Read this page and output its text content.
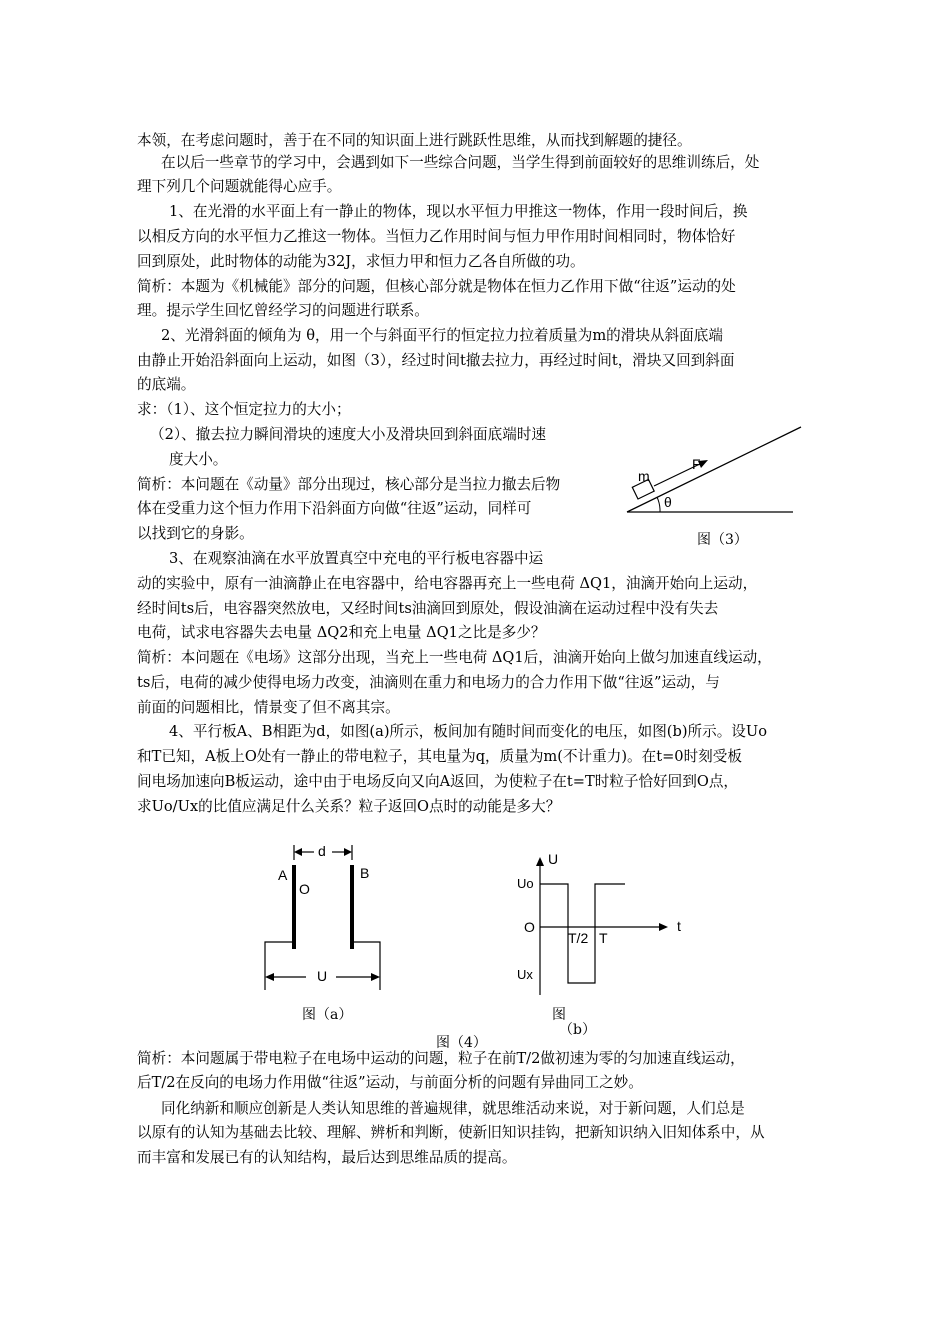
本领，在考虑问题时，善于在不同的知识面上进行跳跃性思维，从而找到解题的捷径。
在以后一些章节的学习中，会遇到如下一些综合问题，当学生得到前面较好的思维训练后，处
理下列几个问题就能得心应手。
1、在光滑的水平面上有一静止的物体，现以水平恒力甲推这一物体，作用一段时间后，换
以相反方向的水平恒力乙推这一物体。当恒力乙作用时间与恒力甲作用时间相同时，物体恰好
回到原处，此时物体的动能为32J，求恒力甲和恒力乙各自所做的功。
简析：本题为《机械能》部分的问题，但核心部分就是物体在恒力乙作用下做“往返”运动的处
理。提示学生回忆曾经学习的问题进行联系。
2、光滑斜面的倾角为 θ，用一个与斜面平行的恒定拉力拉着质量为m的滑块从斜面底端
由静止开始沿斜面向上运动，如图（3），经过时间t撤去拉力，再经过时间t，滑块又回到斜面
的底端。
求：（1）、这个恒定拉力的大小；
（2）、撤去拉力瞬间滑块的速度大小及滑块回到斜面底端时速
度大小。
简析：本问题在《动量》部分出现过，核心部分是当拉力撤去后物
体在受重力这个恒力作用下沿斜面方向做“往返”运动，同样可
以找到它的身影。
3、在观察油滴在水平放置真空中充电的平行板电容器中运
动的实验中，原有一油滴静止在电容器中，给电容器再充上一些电荷 ΔQ1，油滴开始向上运动，
经时间ts后，电容器突然放电，又经时间ts油滴回到原处，假设油滴在运动过程中没有失去
电荷，试求电容器失去电量 ΔQ2和充上电量 ΔQ1之比是多少？
简析：本问题在《电场》这部分出现，当充上一些电荷 ΔQ1后，油滴开始向上做匀加速直线运动，
ts后，电荷的减少使得电场力改变，油滴则在重力和电场力的合力作用下做“往返”运动，与
前面的问题相比，情景变了但不离其宗。
4、平行板A、B相距为d，如图(a)所示，板间加有随时间而变化的电压，如图(b)所示。设Uo
和T已知，A板上O处有一静止的带电粒子，其电量为q，质量为m(不计重力)。在t=0时刻受板
间电场加速向B板运动，途中由于电场反向又向A返回，为使粒子在t=T时粒子恰好回到O点，
求Uo/Ux的比值应满足什么关系？粒子返回O点时的动能是多大？
m
F
θ
图（3）
d
A	B
O
U
图（a）
U
t
Uo
O
T/2 T
Ux
图
（b）
图（4）
简析：本问题属于带电粒子在电场中运动的问题，粒子在前T/2做初速为零的匀加速直线运动，
后T/2在反向的电场力作用做“往返”运动，与前面分析的问题有异曲同工之妙。
同化纳新和顺应创新是人类认知思维的普遍规律，就思维活动来说，对于新问题，人们总是
以原有的认知为基础去比较、理解、辨析和判断，使新旧知识挂钩，把新知识纳入旧知体系中，从
而丰富和发展已有的认知结构，最后达到思维品质的提高。
